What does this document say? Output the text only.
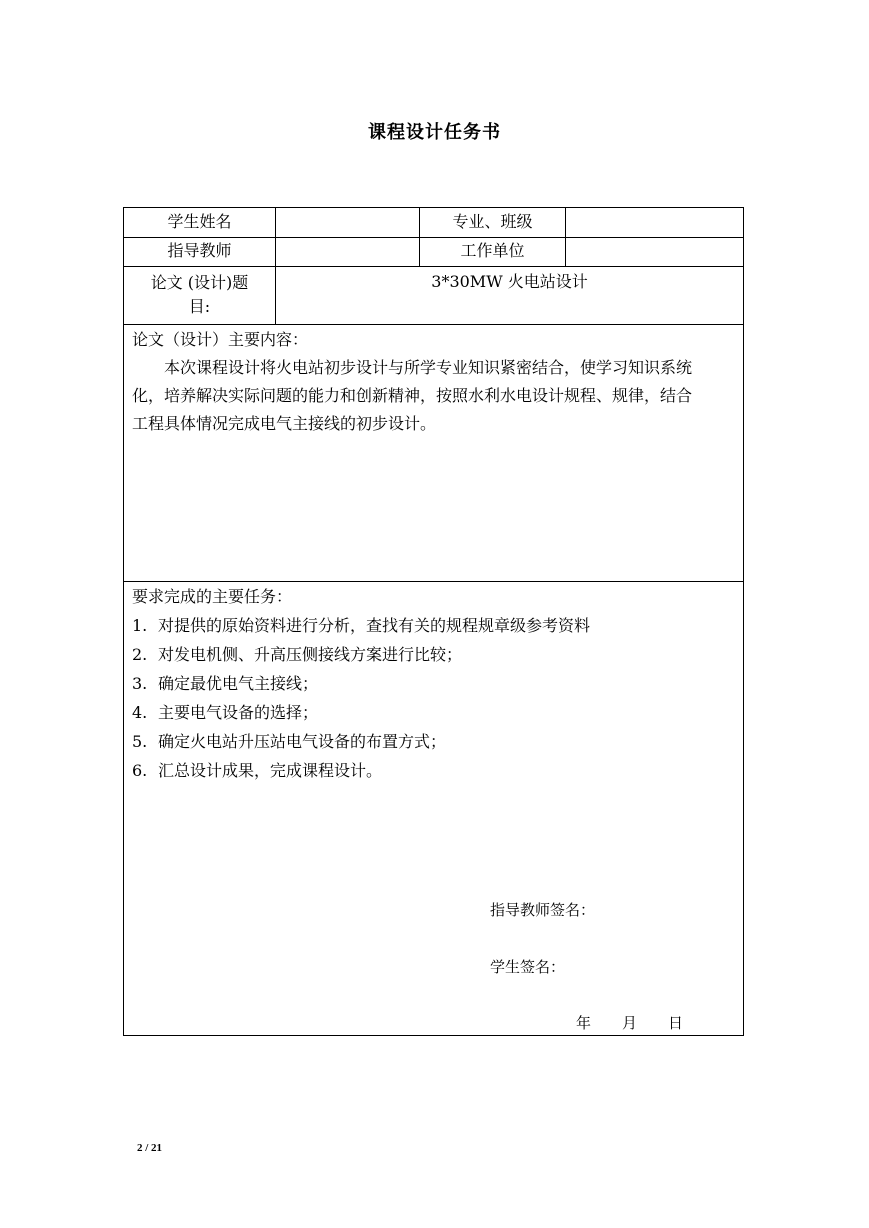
课程设计任务书
学生姓名	专业、班级
指导教师	工作单位
论文 (设计)题
目:
3*30MW 火电站设计

论文（设计）主要内容：

本次课程设计将火电站初步设计与所学专业知识紧密结合，使学习知识系统

化，培养解决实际问题的能力和创新精神，按照水利水电设计规程、规律，结合

工程具体情况完成电气主接线的初步设计。

要求完成的主要任务：

1. 对提供的原始资料进行分析，查找有关的规程规章级参考资料
2. 对发电机侧、升高压侧接线方案进行比较；
3. 确定最优电气主接线；
4. 主要电气设备的选择；
5. 确定火电站升压站电气设备的布置方式；
6. 汇总设计成果，完成课程设计。
指导教师签名：
学生签名：
年 月 日
2 / 21
